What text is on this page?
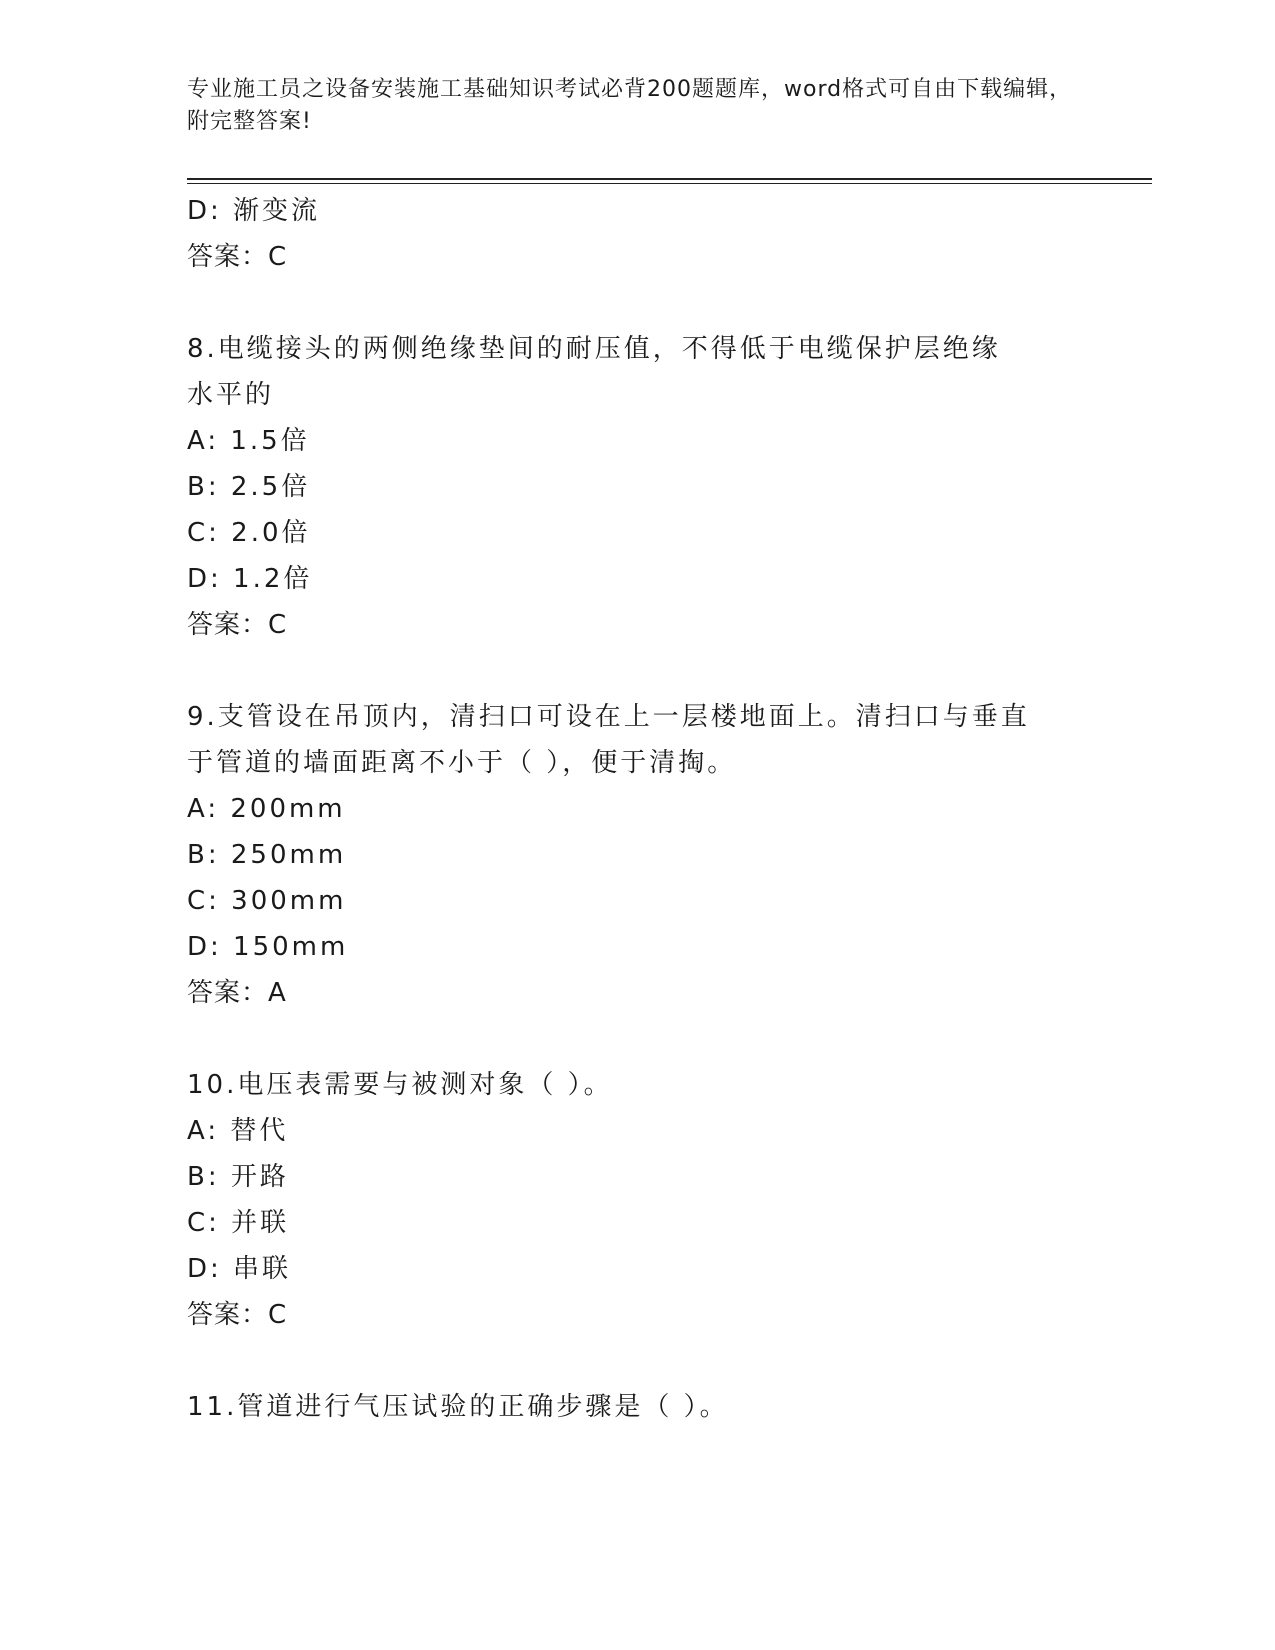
专业施工员之设备安装施工基础知识考试必背200题题库，word格式可自由下载编辑，附完整答案!

D: 渐变流

答案：C

8.电缆接头的两侧绝缘垫间的耐压值，不得低于电缆保护层绝缘水平的

A: 1.5倍

B: 2.5倍

C: 2.0倍

D: 1.2倍

答案：C

9.支管设在吊顶内，清扫口可设在上一层楼地面上。清扫口与垂直于管道的墙面距离不小于（ ），便于清掏。

A: 200mm

B: 250mm

C: 300mm

D: 150mm

答案：A

10.电压表需要与被测对象（ ）。

A: 替代

B: 开路

C: 并联

D: 串联

答案：C

11.管道进行气压试验的正确步骤是（ ）。
